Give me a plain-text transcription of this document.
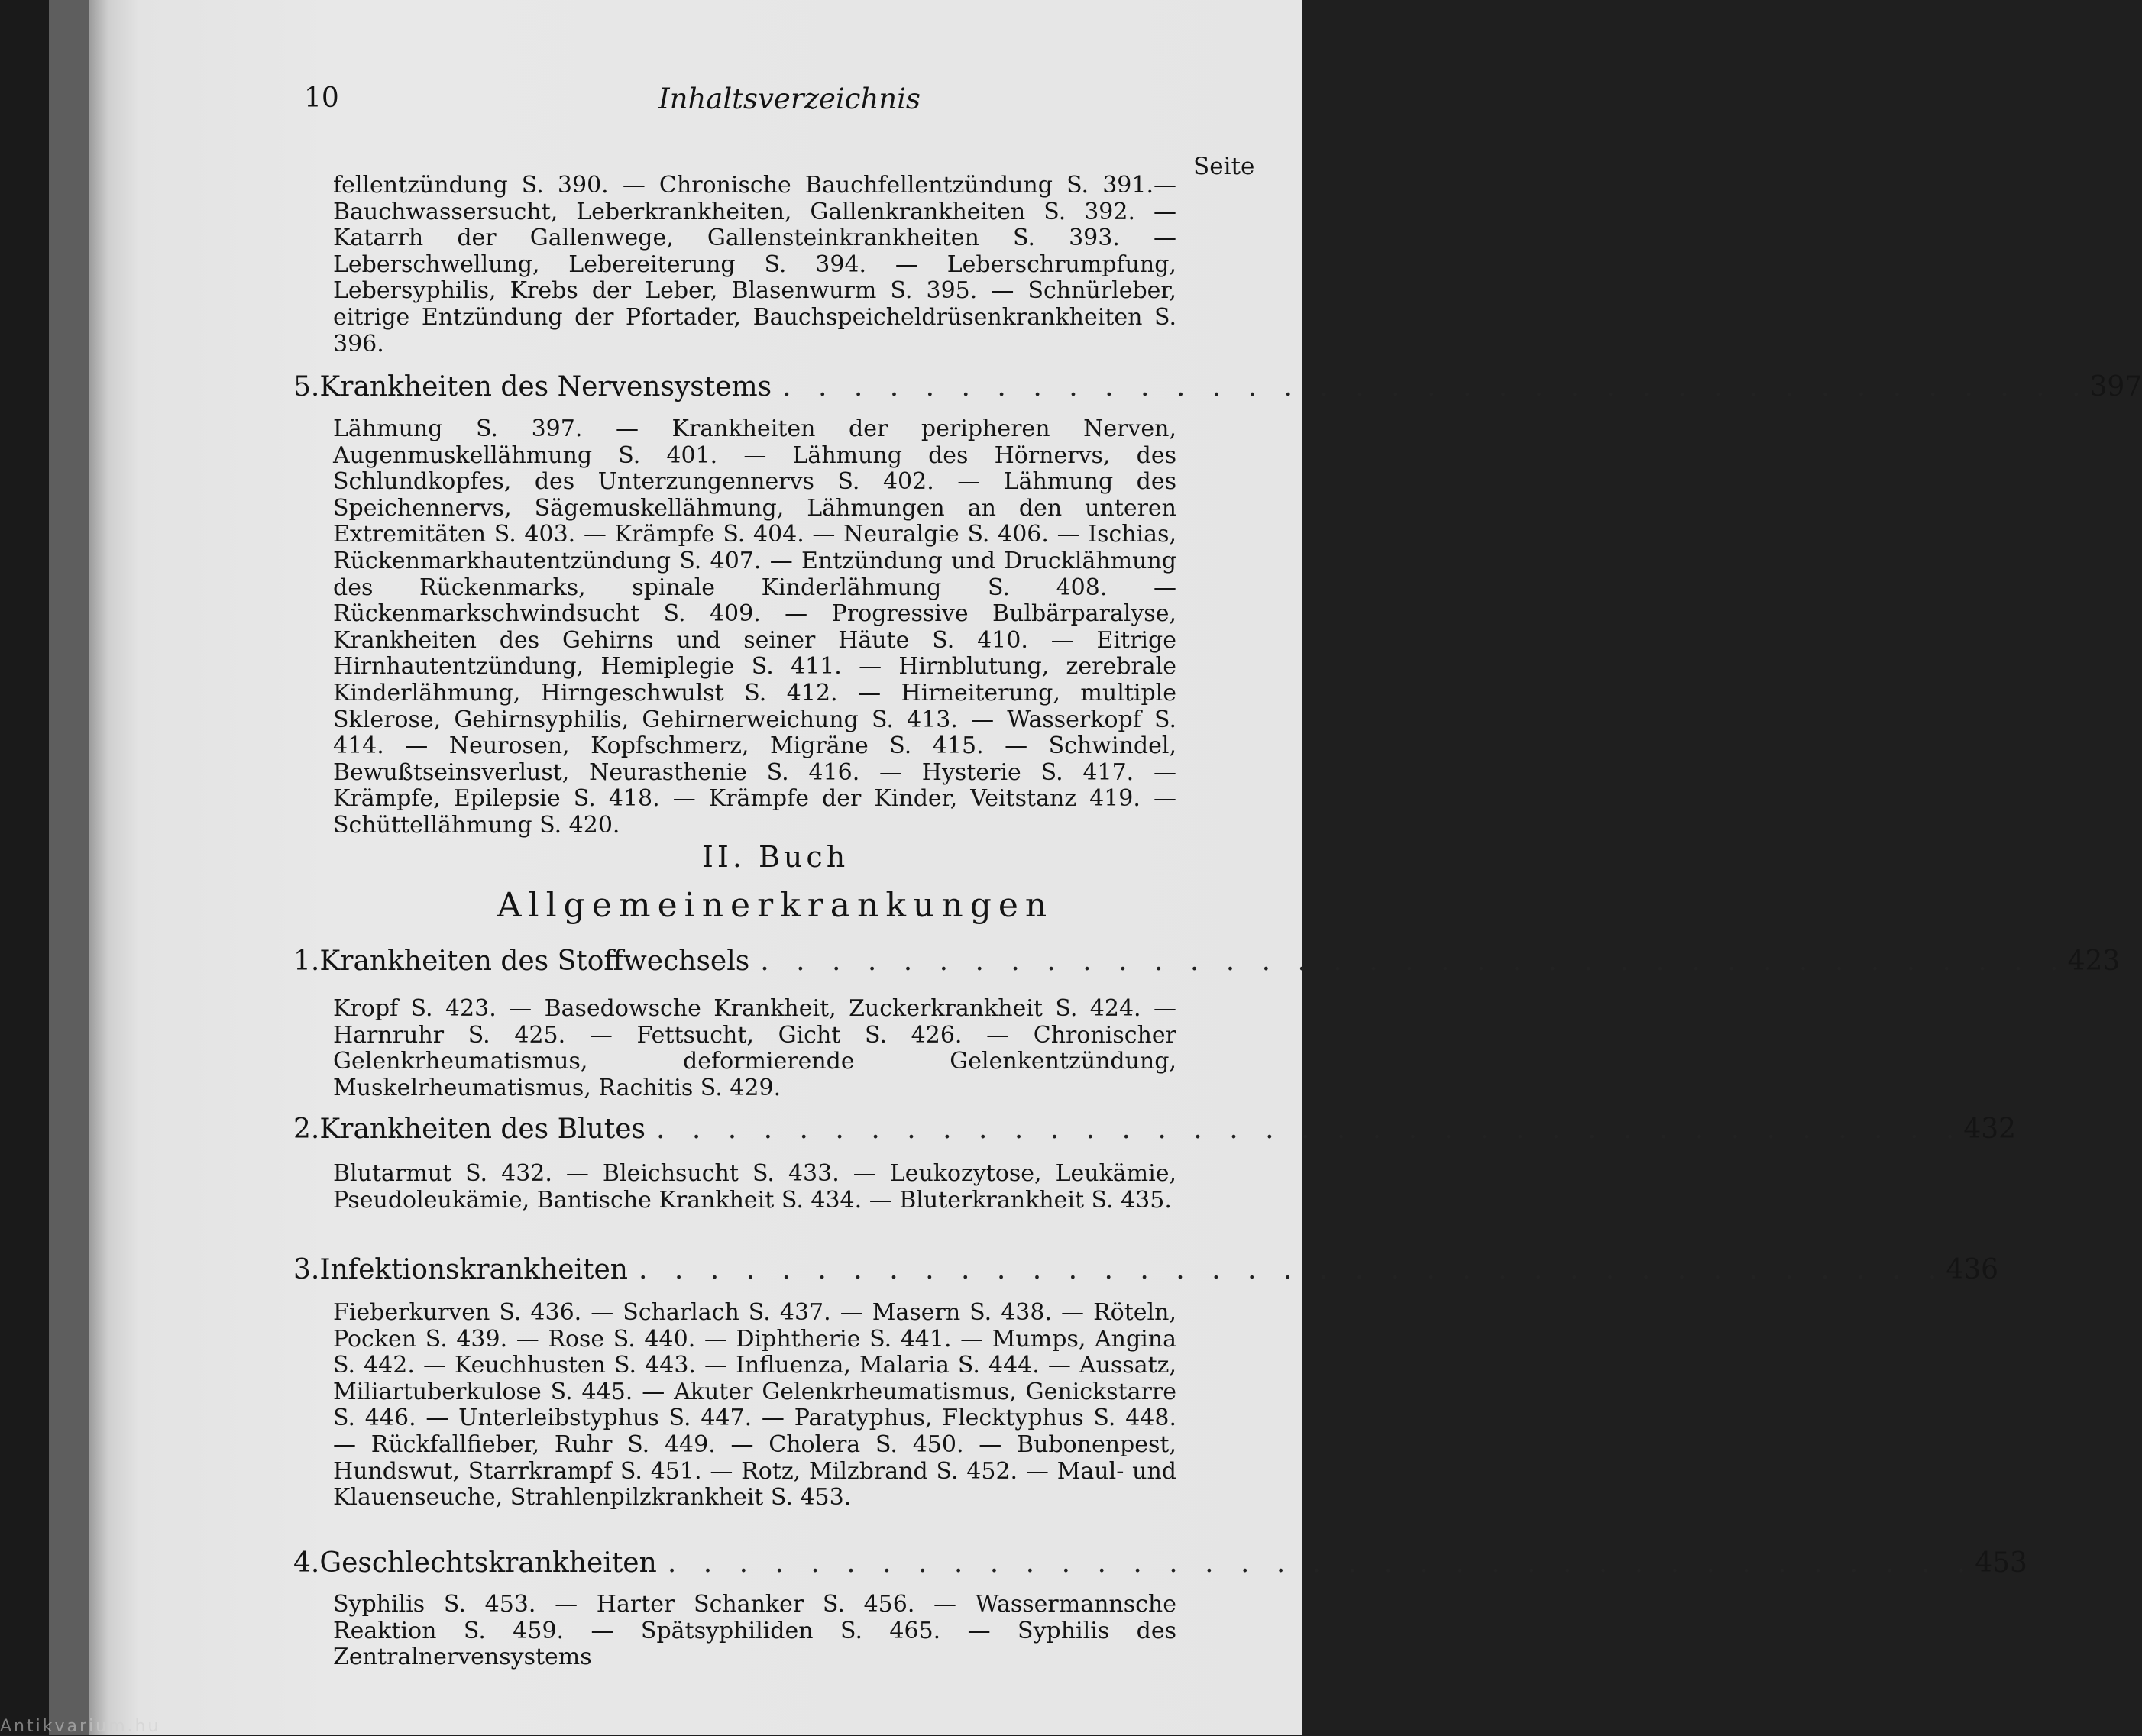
10	Inhaltsverzeichnis
Seite

fellentzündung S. 390. — Chronische Bauchfellentzündung S. 391.— Bauchwassersucht, Leberkrankheiten, Gallenkrankheiten S. 392. — Katarrh der Gallenwege, Gallensteinkrankheiten S. 393. — Leberschwellung, Lebereiterung S. 394. — Leberschrumpfung, Lebersyphilis, Krebs der Leber, Blasenwurm S. 395. — Schnürleber, eitrige Entzündung der Pfortader, Bauchspeicheldrüsenkrankheiten S. 396.

5. Krankheiten des Nervensystems . . . . . . . . . . . . . . . . . . . . . . . . . . . . . . . . . . . . . 397

Lähmung S. 397. — Krankheiten der peripheren Nerven, Augenmuskellähmung S. 401. — Lähmung des Hörnervs, des Schlundkopfes, des Unterzungennervs S. 402. — Lähmung des Speichennervs, Sägemuskellähmung, Lähmungen an den unteren Extremitäten S. 403. — Krämpfe S. 404. — Neuralgie S. 406. — Ischias, Rückenmarkhautentzündung S. 407. — Entzündung und Drucklähmung des Rückenmarks, spinale Kinderlähmung S. 408. — Rückenmarkschwindsucht S. 409. — Progressive Bulbärparalyse, Krankheiten des Gehirns und seiner Häute S. 410. — Eitrige Hirnhautentzündung, Hemiplegie S. 411. — Hirnblutung, zerebrale Kinderlähmung, Hirngeschwulst S. 412. — Hirneiterung, multiple Sklerose, Gehirnsyphilis, Gehirnerweichung S. 413. — Wasserkopf S. 414. — Neurosen, Kopfschmerz, Migräne S. 415. — Schwindel, Bewußtseinsverlust, Neurasthenie S. 416. — Hysterie S. 417. — Krämpfe, Epilepsie S. 418. — Krämpfe der Kinder, Veitstanz 419. — Schüttellähmung S. 420.

II. Buch
Allgemeinerkrankungen
1. Krankheiten des Stoffwechsels . . . . . . . . . . . . . . . . . . . . . . . . . . . . . . . . . . . . . 423

Kropf S. 423. — Basedowsche Krankheit, Zuckerkrankheit S. 424. — Harnruhr S. 425. — Fettsucht, Gicht S. 426. — Chronischer Gelenkrheumatismus, deformierende Gelenkentzündung, Muskelrheumatismus, Rachitis S. 429.

2. Krankheiten des Blutes . . . . . . . . . . . . . . . . . . . . . . . . . . . . . . . . . . . . . 432

Blutarmut S. 432. — Bleichsucht S. 433. — Leukozytose, Leukämie, Pseudoleukämie, Bantische Krankheit S. 434. — Bluterkrankheit S. 435.

3. Infektionskrankheiten . . . . . . . . . . . . . . . . . . . . . . . . . . . . . . . . . . . . . 436

Fieberkurven S. 436. — Scharlach S. 437. — Masern S. 438. — Röteln, Pocken S. 439. — Rose S. 440. — Diphtherie S. 441. — Mumps, Angina S. 442. — Keuchhusten S. 443. — Influenza, Malaria S. 444. — Aussatz, Miliartuberkulose S. 445. — Akuter Gelenkrheumatismus, Genickstarre S. 446. — Unterleibstyphus S. 447. — Paratyphus, Flecktyphus S. 448. — Rückfallfieber, Ruhr S. 449. — Cholera S. 450. — Bubonenpest, Hundswut, Starrkrampf S. 451. — Rotz, Milzbrand S. 452. — Maul- und Klauenseuche, Strahlenpilzkrankheit S. 453.

4. Geschlechtskrankheiten . . . . . . . . . . . . . . . . . . . . . . . . . . . . . . . . . . . . . 453

Syphilis S. 453. — Harter Schanker S. 456. — Wassermannsche Reaktion S. 459. — Spätsyphiliden S. 465. — Syphilis des Zentralnervensystems

Antikvarium.hu
